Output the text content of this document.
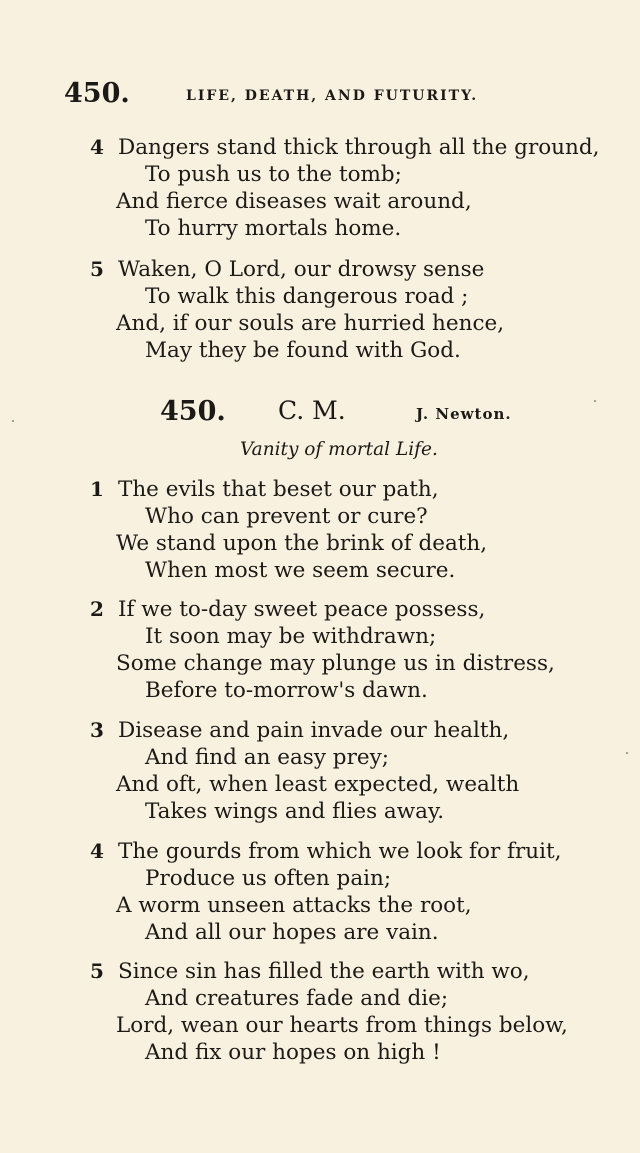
450.	LIFE, DEATH, AND FUTURITY.
4 Dangers stand thick through all the ground,
To push us to the tomb;
And fierce diseases wait around,
To hurry mortals home.
5 Waken, O Lord, our drowsy sense
To walk this dangerous road ;
And, if our souls are hurried hence,
May they be found with God.
450. C. M.	J. Newton.
Vanity of mortal Life.
1 The evils that beset our path,
Who can prevent or cure?
We stand upon the brink of death,
When most we seem secure.
2 If we to-day sweet peace possess,
It soon may be withdrawn;
Some change may plunge us in distress,
Before to-morrow's dawn.
3 Disease and pain invade our health,
And find an easy prey;
And oft, when least expected, wealth
Takes wings and flies away.
4 The gourds from which we look for fruit,
Produce us often pain;
A worm unseen attacks the root,
And all our hopes are vain.
5 Since sin has filled the earth with wo,
And creatures fade and die;
Lord, wean our hearts from things below,
And fix our hopes on high !
